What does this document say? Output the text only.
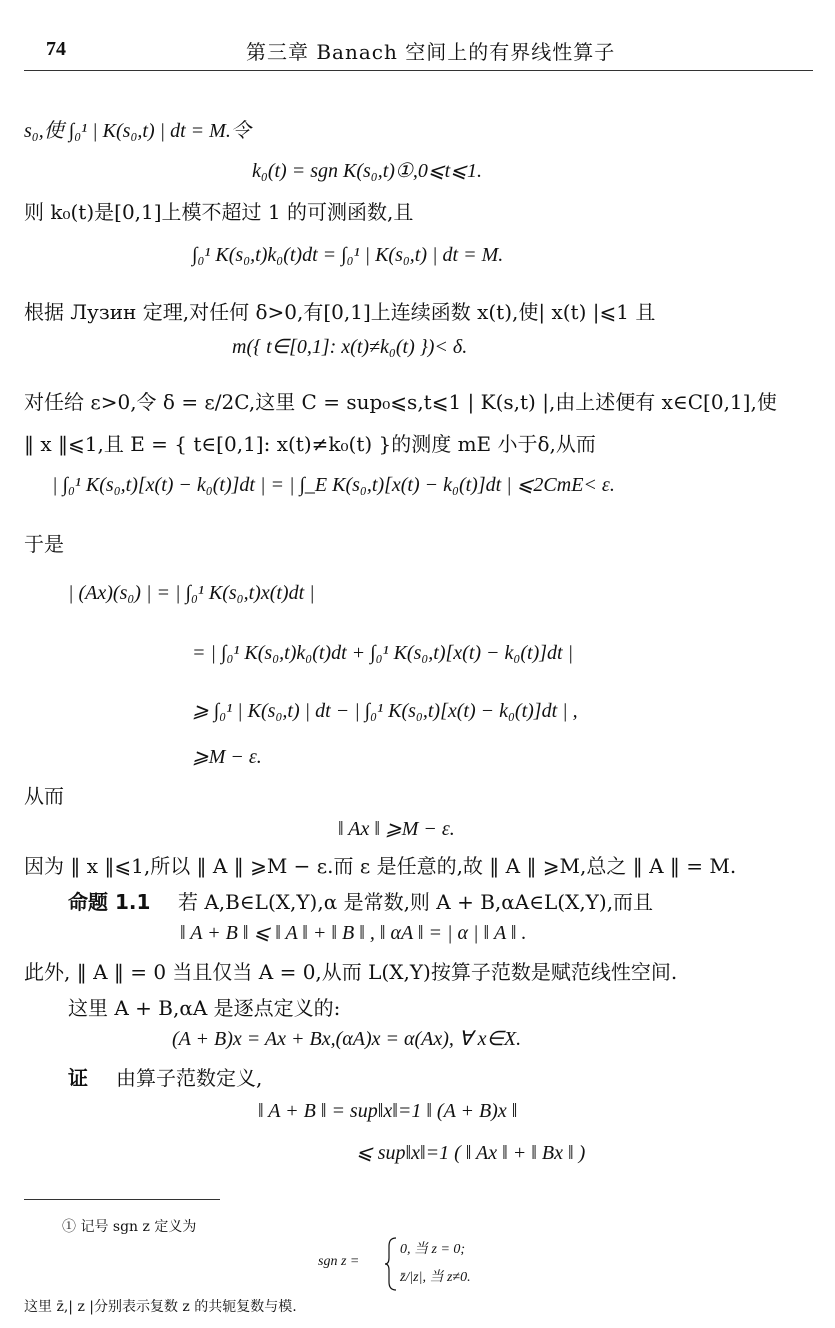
74	第三章 Banach 空间上的有界线性算子
s₀,使 ∫₀¹ | K(s₀,t) | dt = M.令
k₀(t) = sgn K(s₀,t)①,0⩽t⩽1.
则 k₀(t)是[0,1]上模不超过 1 的可测函数,且
∫₀¹ K(s₀,t)k₀(t)dt = ∫₀¹ | K(s₀,t) | dt = M.
根据 Лузин 定理,对任何 δ>0,有[0,1]上连续函数 x(t),使| x(t) |⩽1 且
m({ t∈[0,1]: x(t)≠k₀(t) })< δ.
对任给 ε>0,令 δ = ε/2C,这里 C = sup₀⩽s,t⩽1 | K(s,t) |,由上述便有 x∈C[0,1],使
‖ x ‖⩽1,且 E = { t∈[0,1]: x(t)≠k₀(t) }的测度 mE 小于δ,从而
| ∫₀¹ K(s₀,t)[x(t) − k₀(t)]dt | = | ∫_E K(s₀,t)[x(t) − k₀(t)]dt | ⩽2CmE< ε.
于是
| (Ax)(s₀) | = | ∫₀¹ K(s₀,t)x(t)dt |
= | ∫₀¹ K(s₀,t)k₀(t)dt + ∫₀¹ K(s₀,t)[x(t) − k₀(t)]dt |
⩾ ∫₀¹ | K(s₀,t) | dt − | ∫₀¹ K(s₀,t)[x(t) − k₀(t)]dt | ,
⩾M − ε.
从而
‖ Ax ‖ ⩾M − ε.
因为 ‖ x ‖⩽1,所以 ‖ A ‖ ⩾M − ε.而 ε 是任意的,故 ‖ A ‖ ⩾M,总之 ‖ A ‖ = M.
命题 1.1 若 A,B∈L(X,Y),α 是常数,则 A + B,αA∈L(X,Y),而且
‖ A + B ‖ ⩽ ‖ A ‖ + ‖ B ‖ , ‖ αA ‖ = | α | ‖ A ‖ .
此外, ‖ A ‖ = 0 当且仅当 A = 0,从而 L(X,Y)按算子范数是赋范线性空间.
这里 A + B,αA 是逐点定义的:
(A + B)x = Ax + Bx,(αA)x = α(Ax), ∀ x∈X.
证 由算子范数定义,
‖ A + B ‖ = sup‖x‖=1 ‖ (A + B)x ‖
⩽ sup‖x‖=1 ( ‖ Ax ‖ + ‖ Bx ‖ )
① 记号 sgn z 定义为
sgn z =
0, 当 z = 0;
z̄/|z|, 当 z≠0.
这里 z̄,| z |分别表示复数 z 的共轭复数与模.
